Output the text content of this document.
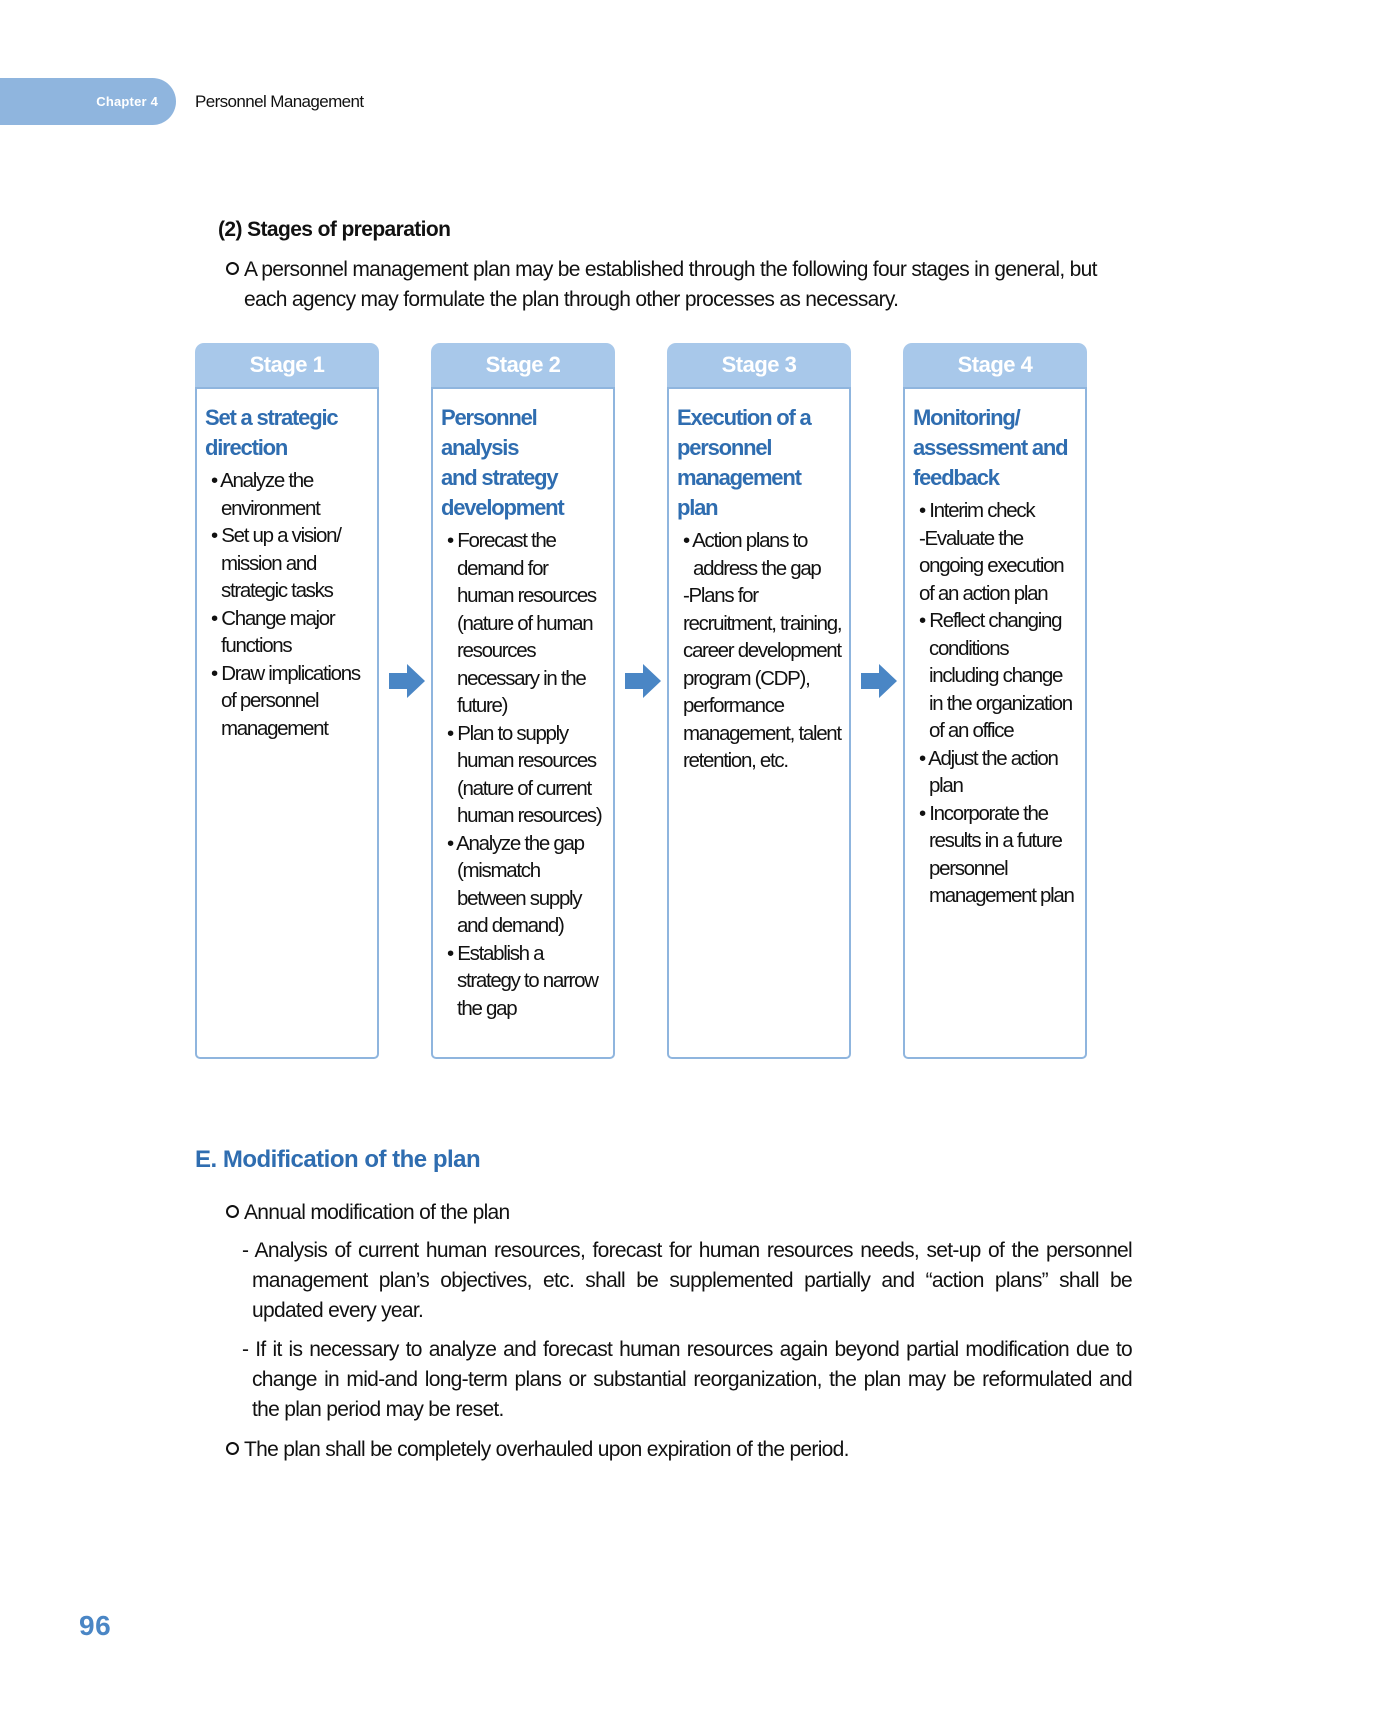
Chapter 4 Personnel Management
(2) Stages of preparation
A personnel management plan may be established through the following four stages in general, but each agency may formulate the plan through other processes as necessary.
Stage 1
Set a strategic
direction
• Analyze the environment
• Set up a vision/ mission and strategic tasks
• Change major functions
• Draw implications of personnel management
Stage 2
Personnel analysis
and strategy
development
• Forecast the demand for human resources (nature of human resources necessary in the future)
• Plan to supply human resources (nature of current human resources)
• Analyze the gap (mismatch between supply and demand)
• Establish a strategy to narrow the gap
Stage 3
Execution of a
personnel
management
plan
• Action plans to address the gap
-Plans for recruitment, training, career development program (CDP), performance management, talent retention, etc.
Stage 4
Monitoring/
assessment and
feedback
• Interim check
-Evaluate the ongoing execution of an action plan
• Reflect changing conditions including change in the organization of an office
• Adjust the action plan
• Incorporate the results in a future personnel management plan
E. Modification of the plan
Annual modification of the plan
- Analysis of current human resources, forecast for human resources needs, set-up of the personnel management plan’s objectives, etc. shall be supplemented partially and “action plans” shall be updated every year.
- If it is necessary to analyze and forecast human resources again beyond partial modification due to change in mid-and long-term plans or substantial reorganization, the plan may be reformulated and the plan period may be reset.
The plan shall be completely overhauled upon expiration of the period.
96
